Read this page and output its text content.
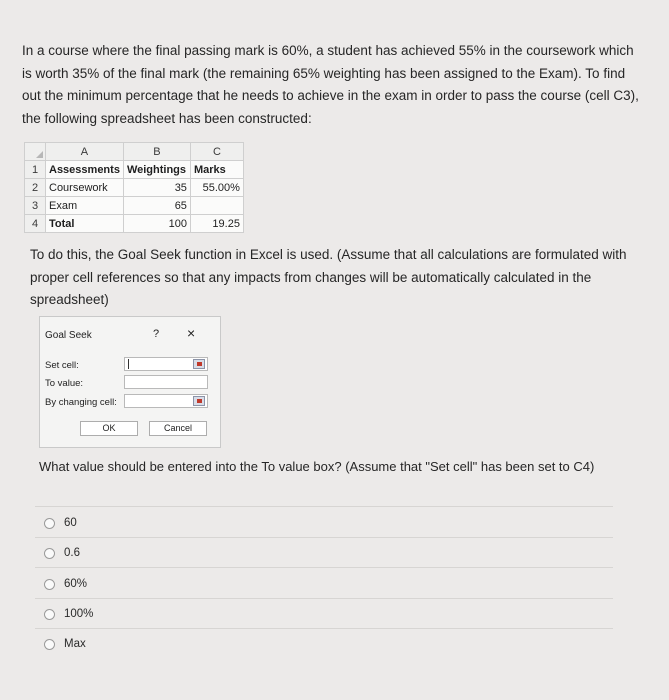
In a course where the final passing mark is 60%, a student has achieved 55% in the coursework which is worth 35% of the final mark (the remaining 65% weighting has been assigned to the Exam). To find out the minimum percentage that he needs to achieve in the exam in order to pass the course (cell C3), the following spreadsheet has been constructed:
	A	B	C
1	Assessments	Weightings	Marks
2	Coursework	35	55.00%
3	Exam	65	
4	Total	100	19.25
To do this, the Goal Seek function in Excel is used. (Assume that all calculations are formulated with proper cell references so that any impacts from changes will be automatically calculated in the spreadsheet)
Goal Seek	? ×
Set cell:
To value:
By changing cell:
OK	Cancel
What value should be entered into the To value box? (Assume that "Set cell" has been set to C4)
60
0.6
60%
100%
Max
